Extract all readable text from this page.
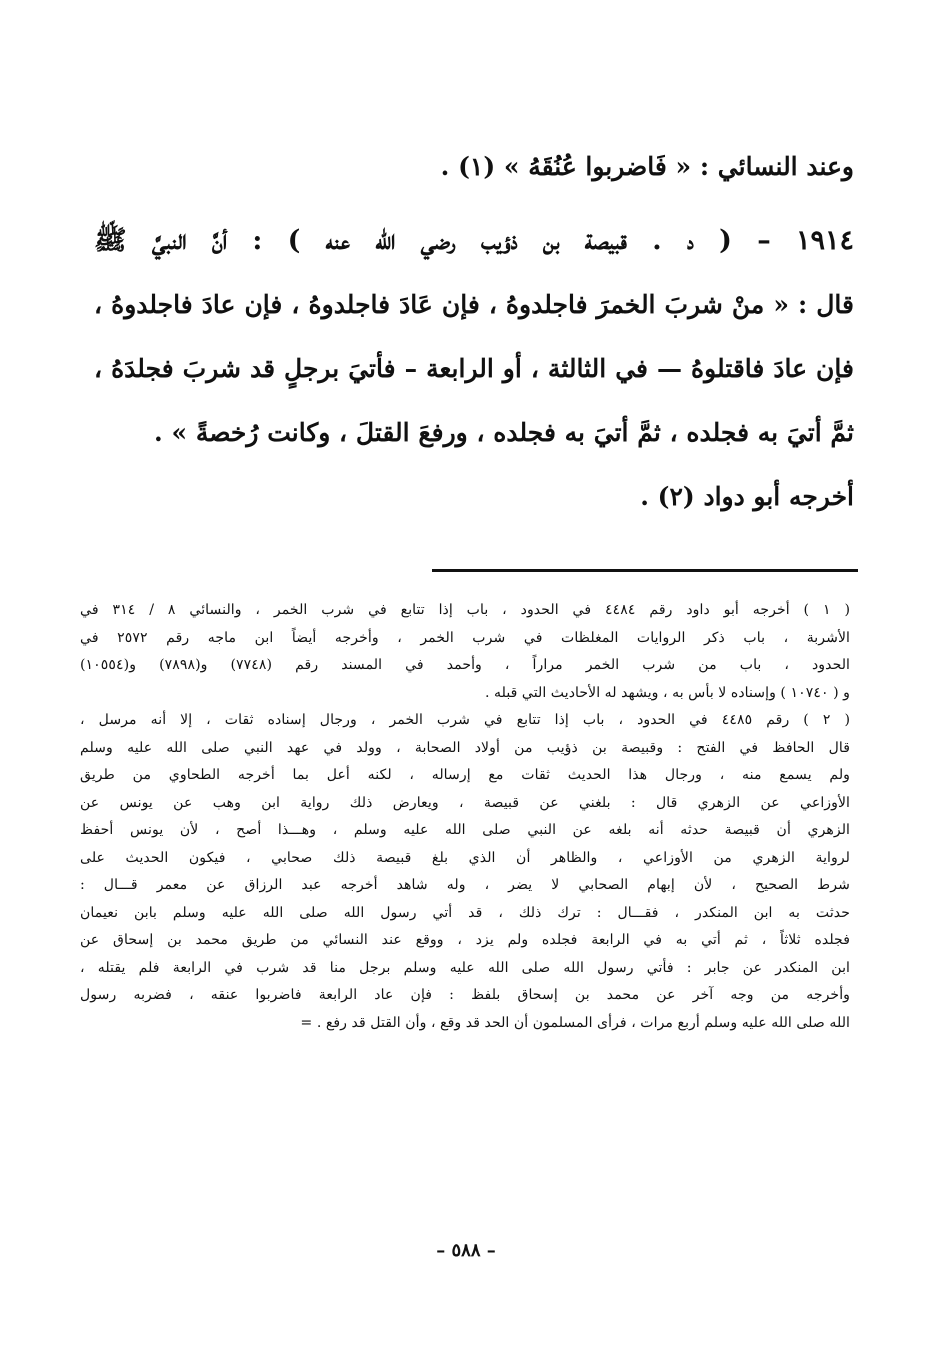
وعند النسائي : « فَاضربوا عُنُقَهُ » (١) .
١٩١٤ – ( د . قبيصة بن ذؤيب رضي الله عنه ) : أنَّ النبيَّ ﷺ
قال : « منْ شربَ الخمرَ فاجلدوهُ ، فإن عَادَ فاجلدوهُ ، فإن عادَ فاجلدوهُ ،
فإن عادَ فاقتلوهُ — في الثالثة ، أو الرابعة – فأتيَ برجلٍ قد شربَ فجلدَهُ ،
ثمَّ أتيَ به فجلده ، ثمَّ أتيَ به فجلده ، ورفعَ القتلَ ، وكانت رُخصةً » .
أخرجه أبو دواد (٢) .
( ١ ) أخرجه أبو داود رقم ٤٤٨٤ في الحدود ، باب إذا تتابع في شرب الخمر ، والنسائي ٨ / ٣١٤ في
الأشربة ، باب ذكر الروايات المغلظات في شرب الخمر ، وأخرجه أيضاً ابن ماجه رقم ٢٥٧٢ في
الحدود ، باب من شرب الخمر مراراً ، وأحمد في المسند رقم (٧٧٤٨) و(٧٨٩٨) و(١٠٥٥٤)
و ( ١٠٧٤٠ ) وإسناده لا بأس به ، ويشهد له الأحاديث التي قبله .
( ٢ ) رقم ٤٤٨٥ في الحدود ، باب إذا تتابع في شرب الخمر ، ورجال إسناده ثقات ، إلا أنه مرسل ،
قال الحافظ في الفتح : وقبيصة بن ذؤيب من أولاد الصحابة ، وولد في عهد النبي صلى الله عليه وسلم
ولم يسمع منه ، ورجال هذا الحديث ثقات مع إرساله ، لكنه أعل بما أخرجه الطحاوي من طريق
الأوزاعي عن الزهري قال : بلغني عن قبيصة ، ويعارض ذلك رواية ابن وهب عن يونس عن
الزهري أن قبيصة حدثه أنه بلغه عن النبي صلى الله عليه وسلم ، وهـــذا أصح ، لأن يونس أحفظ
لرواية الزهري من الأوزاعي ، والظاهر أن الذي بلغ قبيصة ذلك صحابي ، فيكون الحديث على
شرط الصحيح ، لأن إبهام الصحابي لا يضر ، وله شاهد أخرجه عبد الرزاق عن معمر قـــال :
حدثت به ابن المنكدر ، فقـــال : ترك ذلك ، قد أتي رسول الله صلى الله عليه وسلم بابن نعيمان
فجلده ثلاثاً ، ثم أتي به في الرابعة فجلده ولم يزد ، ووقع عند النسائي من طريق محمد بن إسحاق عن
ابن المنكدر عن جابر : فأتي رسول الله صلى الله عليه وسلم برجل منا قد شرب في الرابعة فلم يقتله ،
وأخرجه من وجه آخر عن محمد بن إسحاق بلفظ : فإن عاد الرابعة فاضربوا عنقه ، فضربه رسول
الله صلى الله عليه وسلم أربع مرات ، فرأى المسلمون أن الحد قد وقع ، وأن القتل قد رفع . =
– ٥٨٨ –
